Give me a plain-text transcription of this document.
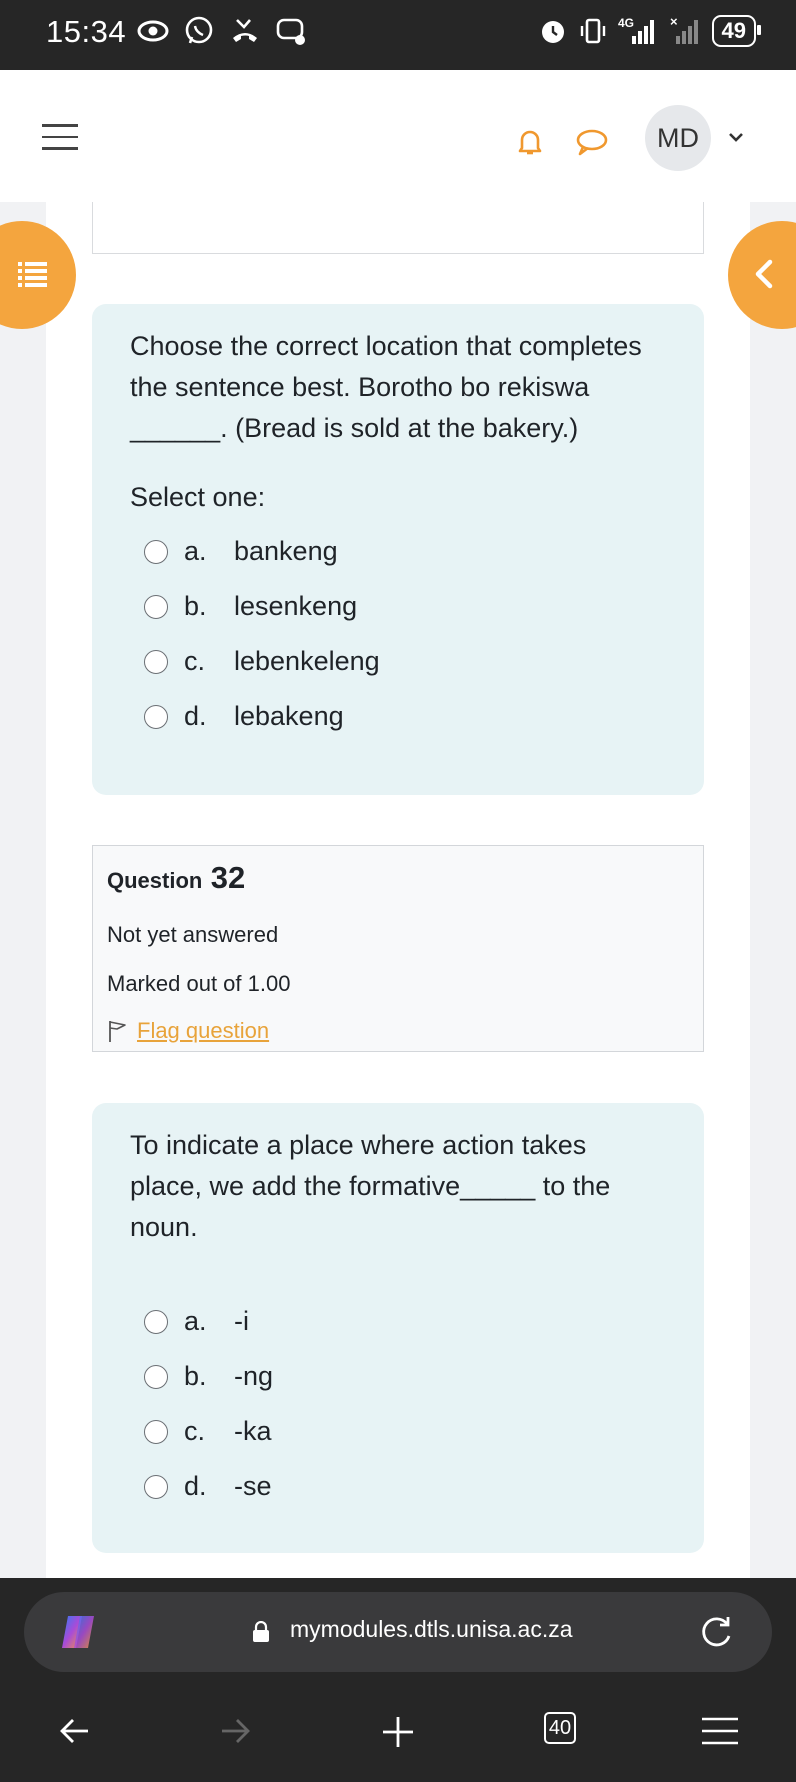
15:34	4G	×	49
MD

Choose the correct location that completes

the sentence best. Borotho bo rekiswa

______. (Bread is sold at the bakery.)

Select one:

a.	bankeng
b.	lesenkeng
c.	lebenkeleng
d.	lebakeng
Question 32
Not yet answered
Marked out of 1.00
Flag question

To indicate a place where action takes

place, we add the formative_____ to the

noun.

a.	-i
b.	-ng
c.	-ka
d.	-se
mymodules.dtls.unisa.ac.za
40
